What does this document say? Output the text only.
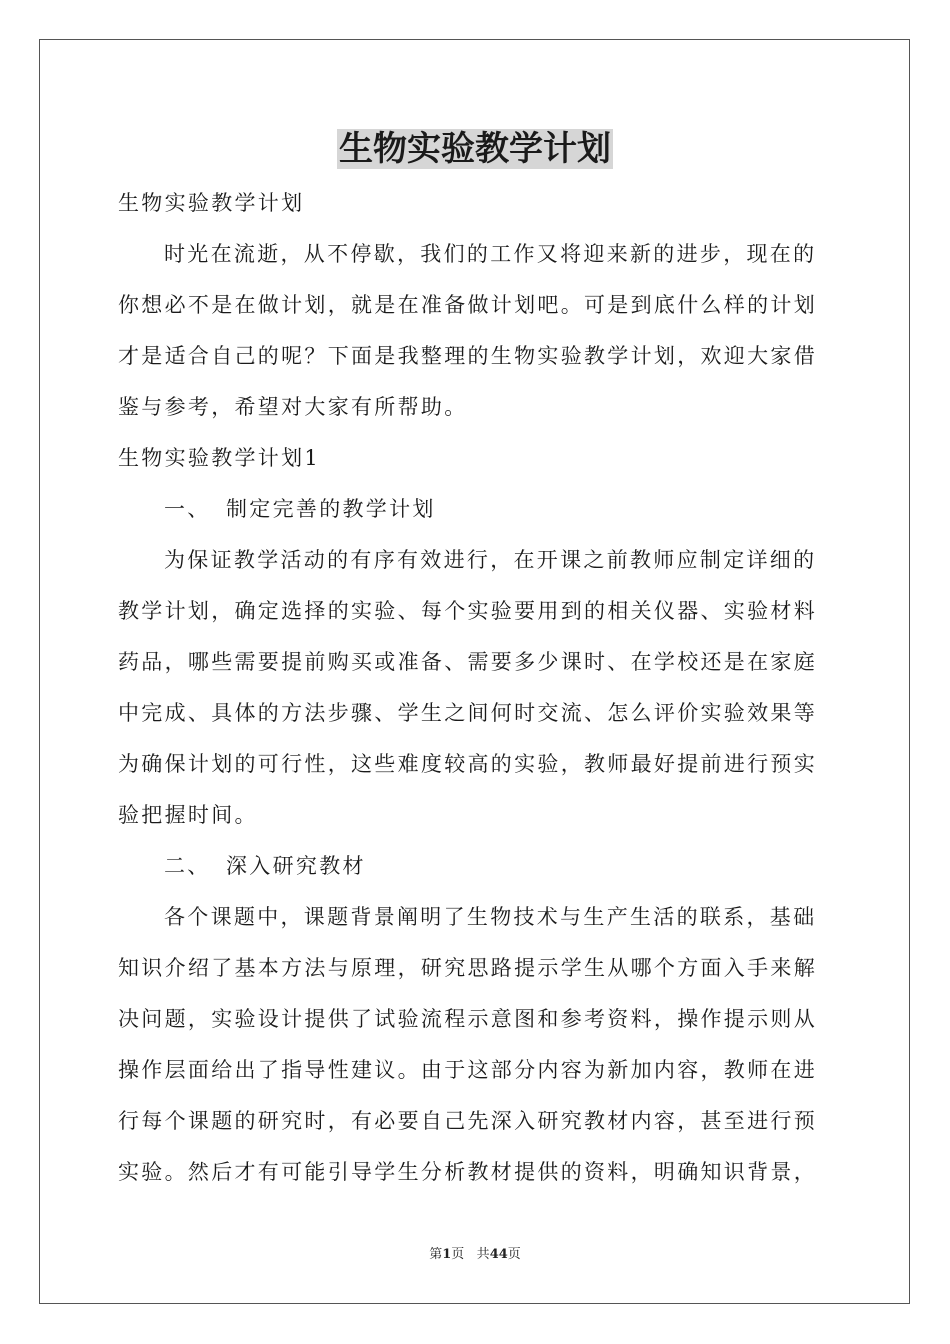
生物实验教学计划
生物实验教学计划
时光在流逝，从不停歇，我们的工作又将迎来新的进步，现在的
你想必不是在做计划，就是在准备做计划吧。可是到底什么样的计划
才是适合自己的呢？下面是我整理的生物实验教学计划，欢迎大家借
鉴与参考，希望对大家有所帮助。
生物实验教学计划1
一、 制定完善的教学计划
为保证教学活动的有序有效进行，在开课之前教师应制定详细的
教学计划，确定选择的实验、每个实验要用到的相关仪器、实验材料
药品，哪些需要提前购买或准备、需要多少课时、在学校还是在家庭
中完成、具体的方法步骤、学生之间何时交流、怎么评价实验效果等
为确保计划的可行性，这些难度较高的实验，教师最好提前进行预实
验把握时间。
二、 深入研究教材
各个课题中，课题背景阐明了生物技术与生产生活的联系，基础
知识介绍了基本方法与原理，研究思路提示学生从哪个方面入手来解
决问题，实验设计提供了试验流程示意图和参考资料，操作提示则从
操作层面给出了指导性建议。由于这部分内容为新加内容，教师在进
行每个课题的研究时，有必要自己先深入研究教材内容，甚至进行预
实验。然后才有可能引导学生分析教材提供的资料，明确知识背景，
第1页 共44页
